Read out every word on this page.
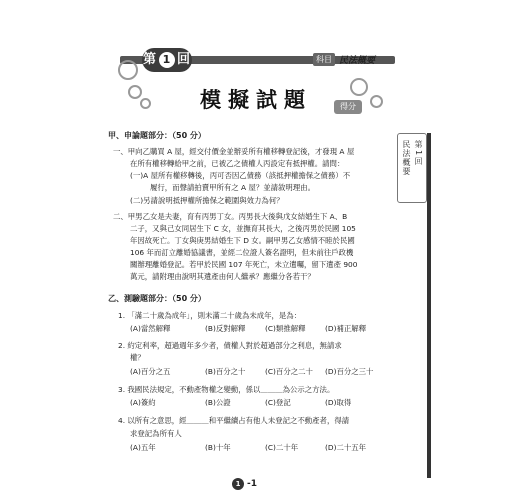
第 1 回	科目 民法概要
模擬試題	得分
民法概要 第1回
甲、申論題部分：（50 分）
一、甲向乙購買 A 屋，經交付價金並辦妥所有權移轉登記後，才發現 A 屋
在所有權移轉給甲之前，已被乙之債權人丙設定有抵押權。請問：
(一)A 屋所有權移轉後，丙可否因乙債務（該抵押權擔保之債務）不
履行，而聲請拍賣甲所有之 A 屋？並請敘明理由。
(二)另請說明抵押權所擔保之範圍與效力為何？
二、甲男乙女是夫妻，育有丙男丁女。丙男長大後與戊女結婚生下 A、B
二子，又與己女同居生下 C 女，並撫育其長大，之後丙男於民國 105
年因故死亡。丁女與庚男結婚生下 D 女。嗣甲男乙女感情不睦於民國
106 年而訂立離婚協議書，並經二位證人簽名證明，但未前往戶政機
關辦理離婚登記。若甲於民國 107 年死亡，未立遺囑，留下遺產 900
萬元，請附理由說明其遺產由何人繼承？應繼分各若干？
乙、測驗題部分：（50 分）
1. 「滿二十歲為成年」，則未滿二十歲為未成年，是為：
(A)當然解釋	(B)反對解釋	(C)類推解釋	(D)補正解釋
2. 約定利率，超過週年多少者，債權人對於超過部分之利息，無請求
權？
(A)百分之五	(B)百分之十	(C)百分之二十 (D)百分之三十
3. 我國民法規定，不動產物權之變動，係以＿＿＿為公示之方法。
(A)簽約	(B)公證	(C)登記	(D)取得
4. 以所有之意思，經＿＿＿和平繼續占有他人未登記之不動產者，得請
求登記為所有人
(A)五年	(B)十年	(C)二十年	(D)二十五年
1 -1
